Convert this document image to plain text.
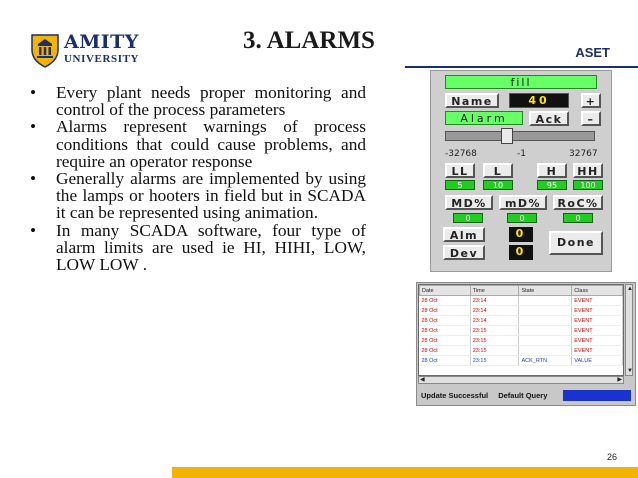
AMITY
UNIVERSITY
3. ALARMS	ASET
• Every plant needs proper monitoring and control of the process parameters
• Alarms represent warnings of process conditions that could cause problems, and require an operator response
• Generally alarms are implemented by using the lamps or hooters in field but in SCADA it can be represented using animation.
• In many SCADA software, four type of alarm limits are used ie HI, HIHI, LOW, LOW LOW .
fill
Name	40	+
Alarm	Ack	–
-32768	-1	32767
LL	L	H	HH
5	10	95	100
MD%	mD%	RoC%
0	0	0
Alm	0
Dev	0
Done
Date	Time	State	Class
28 Oct	23:14		EVENT
28 Oct	23:14		EVENT
28 Oct	23:14		EVENT
28 Oct	23:15		EVENT
28 Oct	23:15		EVENT
28 Oct	23:15		EVENT
28 Oct	23:15	ACK_RTN	VALUE
▲
▼
◀	▶
Update Successful Default Query
26
